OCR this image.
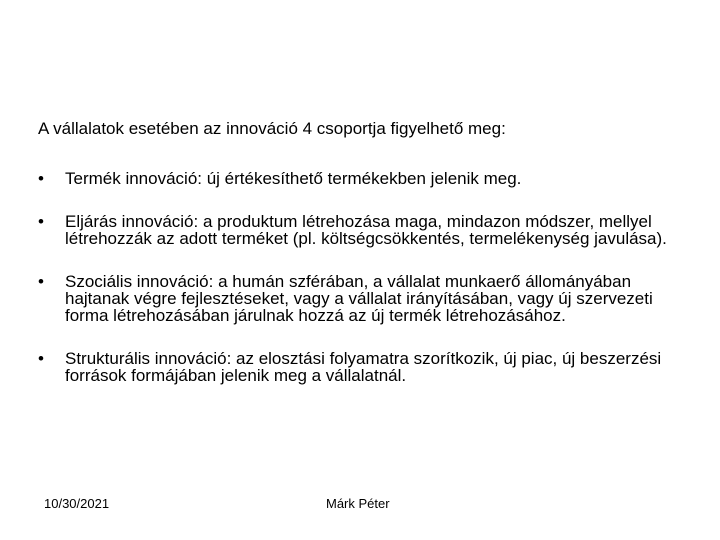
A vállalatok esetében az innováció 4 csoportja figyelhető meg:
•	Termék innováció: új értékesíthető termékekben jelenik meg.
•	Eljárás innováció: a produktum létrehozása maga, mindazon módszer, mellyel létrehozzák az adott terméket (pl. költségcsökkentés, termelékenység javulása).
•	Szociális innováció: a humán szférában, a vállalat munkaerő állományában hajtanak végre fejlesztéseket, vagy a vállalat irányításában, vagy új szervezeti forma létrehozásában járulnak hozzá az új termék létrehozásához.
•	Strukturális innováció: az elosztási folyamatra szorítkozik, új piac, új beszerzési források formájában jelenik meg a vállalatnál.
10/30/2021	Márk Péter
